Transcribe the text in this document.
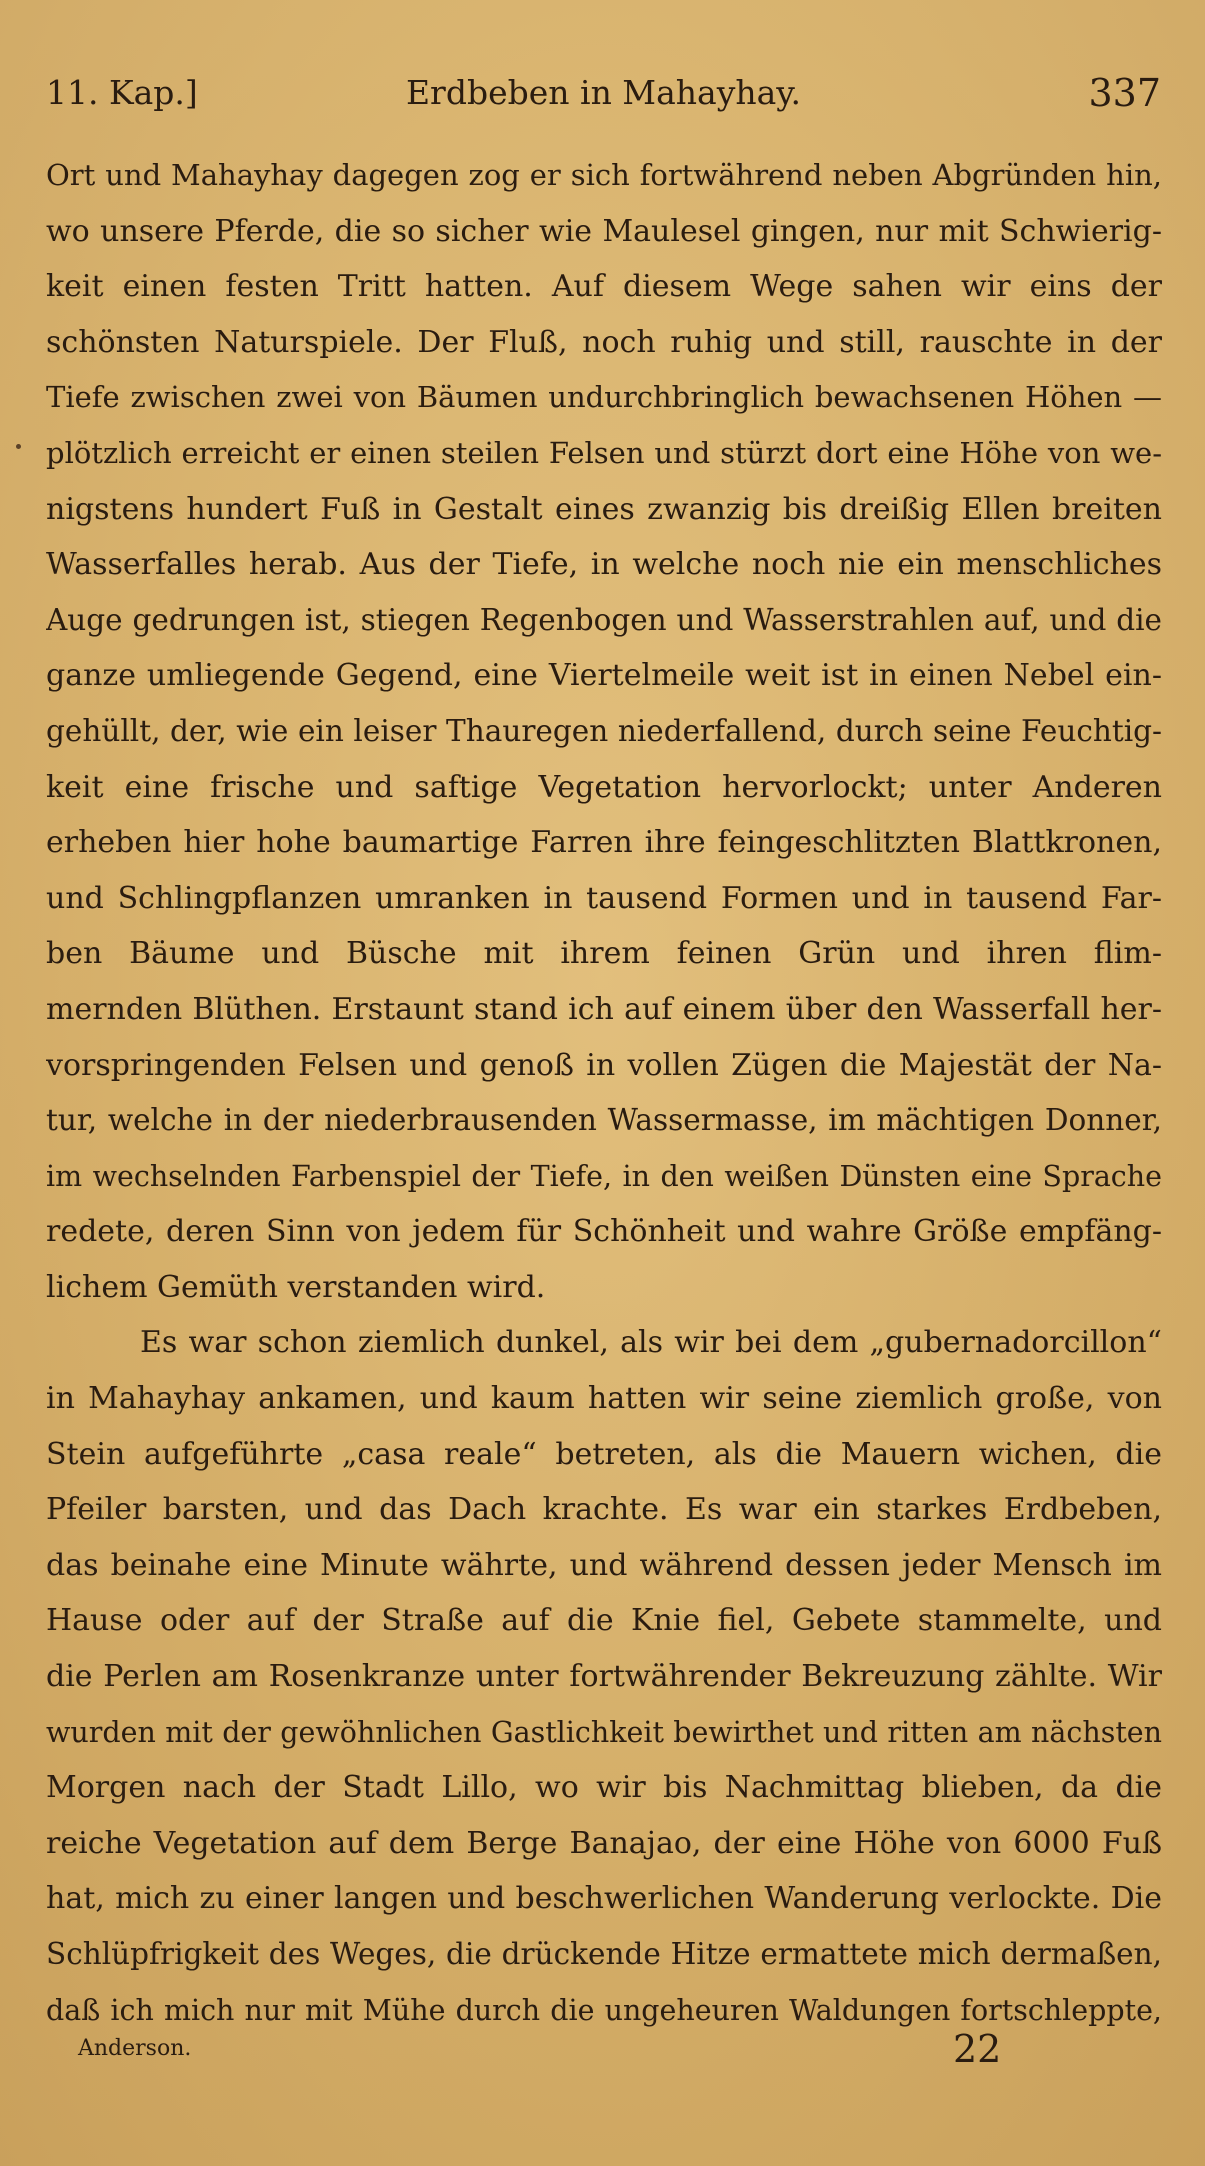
11. Kap.]	Erdbeben in Mahayhay.	337
Ort und Mahayhay dagegen zog er sich fortwährend neben Abgründen hin,
wo unsere Pferde, die so sicher wie Maulesel gingen, nur mit Schwierig-
keit einen festen Tritt hatten. Auf diesem Wege sahen wir eins der
schönsten Naturspiele. Der Fluß, noch ruhig und still, rauschte in der
Tiefe zwischen zwei von Bäumen undurchbringlich bewachsenen Höhen —
plötzlich erreicht er einen steilen Felsen und stürzt dort eine Höhe von we-
nigstens hundert Fuß in Gestalt eines zwanzig bis dreißig Ellen breiten
Wasserfalles herab. Aus der Tiefe, in welche noch nie ein menschliches
Auge gedrungen ist, stiegen Regenbogen und Wasserstrahlen auf, und die
ganze umliegende Gegend, eine Viertelmeile weit ist in einen Nebel ein-
gehüllt, der, wie ein leiser Thauregen niederfallend, durch seine Feuchtig-
keit eine frische und saftige Vegetation hervorlockt; unter Anderen
erheben hier hohe baumartige Farren ihre feingeschlitzten Blattkronen,
und Schlingpflanzen umranken in tausend Formen und in tausend Far-
ben Bäume und Büsche mit ihrem feinen Grün und ihren flim-
mernden Blüthen. Erstaunt stand ich auf einem über den Wasserfall her-
vorspringenden Felsen und genoß in vollen Zügen die Majestät der Na-
tur, welche in der niederbrausenden Wassermasse, im mächtigen Donner,
im wechselnden Farbenspiel der Tiefe, in den weißen Dünsten eine Sprache
redete, deren Sinn von jedem für Schönheit und wahre Größe empfäng-
lichem Gemüth verstanden wird.
Es war schon ziemlich dunkel, als wir bei dem „gubernadorcillon“
in Mahayhay ankamen, und kaum hatten wir seine ziemlich große, von
Stein aufgeführte „casa reale“ betreten, als die Mauern wichen, die
Pfeiler barsten, und das Dach krachte. Es war ein starkes Erdbeben,
das beinahe eine Minute währte, und während dessen jeder Mensch im
Hause oder auf der Straße auf die Knie fiel, Gebete stammelte, und
die Perlen am Rosenkranze unter fortwährender Bekreuzung zählte. Wir
wurden mit der gewöhnlichen Gastlichkeit bewirthet und ritten am nächsten
Morgen nach der Stadt Lillo, wo wir bis Nachmittag blieben, da die
reiche Vegetation auf dem Berge Banajao, der eine Höhe von 6000 Fuß
hat, mich zu einer langen und beschwerlichen Wanderung verlockte. Die
Schlüpfrigkeit des Weges, die drückende Hitze ermattete mich dermaßen,
daß ich mich nur mit Mühe durch die ungeheuren Waldungen fortschleppte,
Anderson.	22
